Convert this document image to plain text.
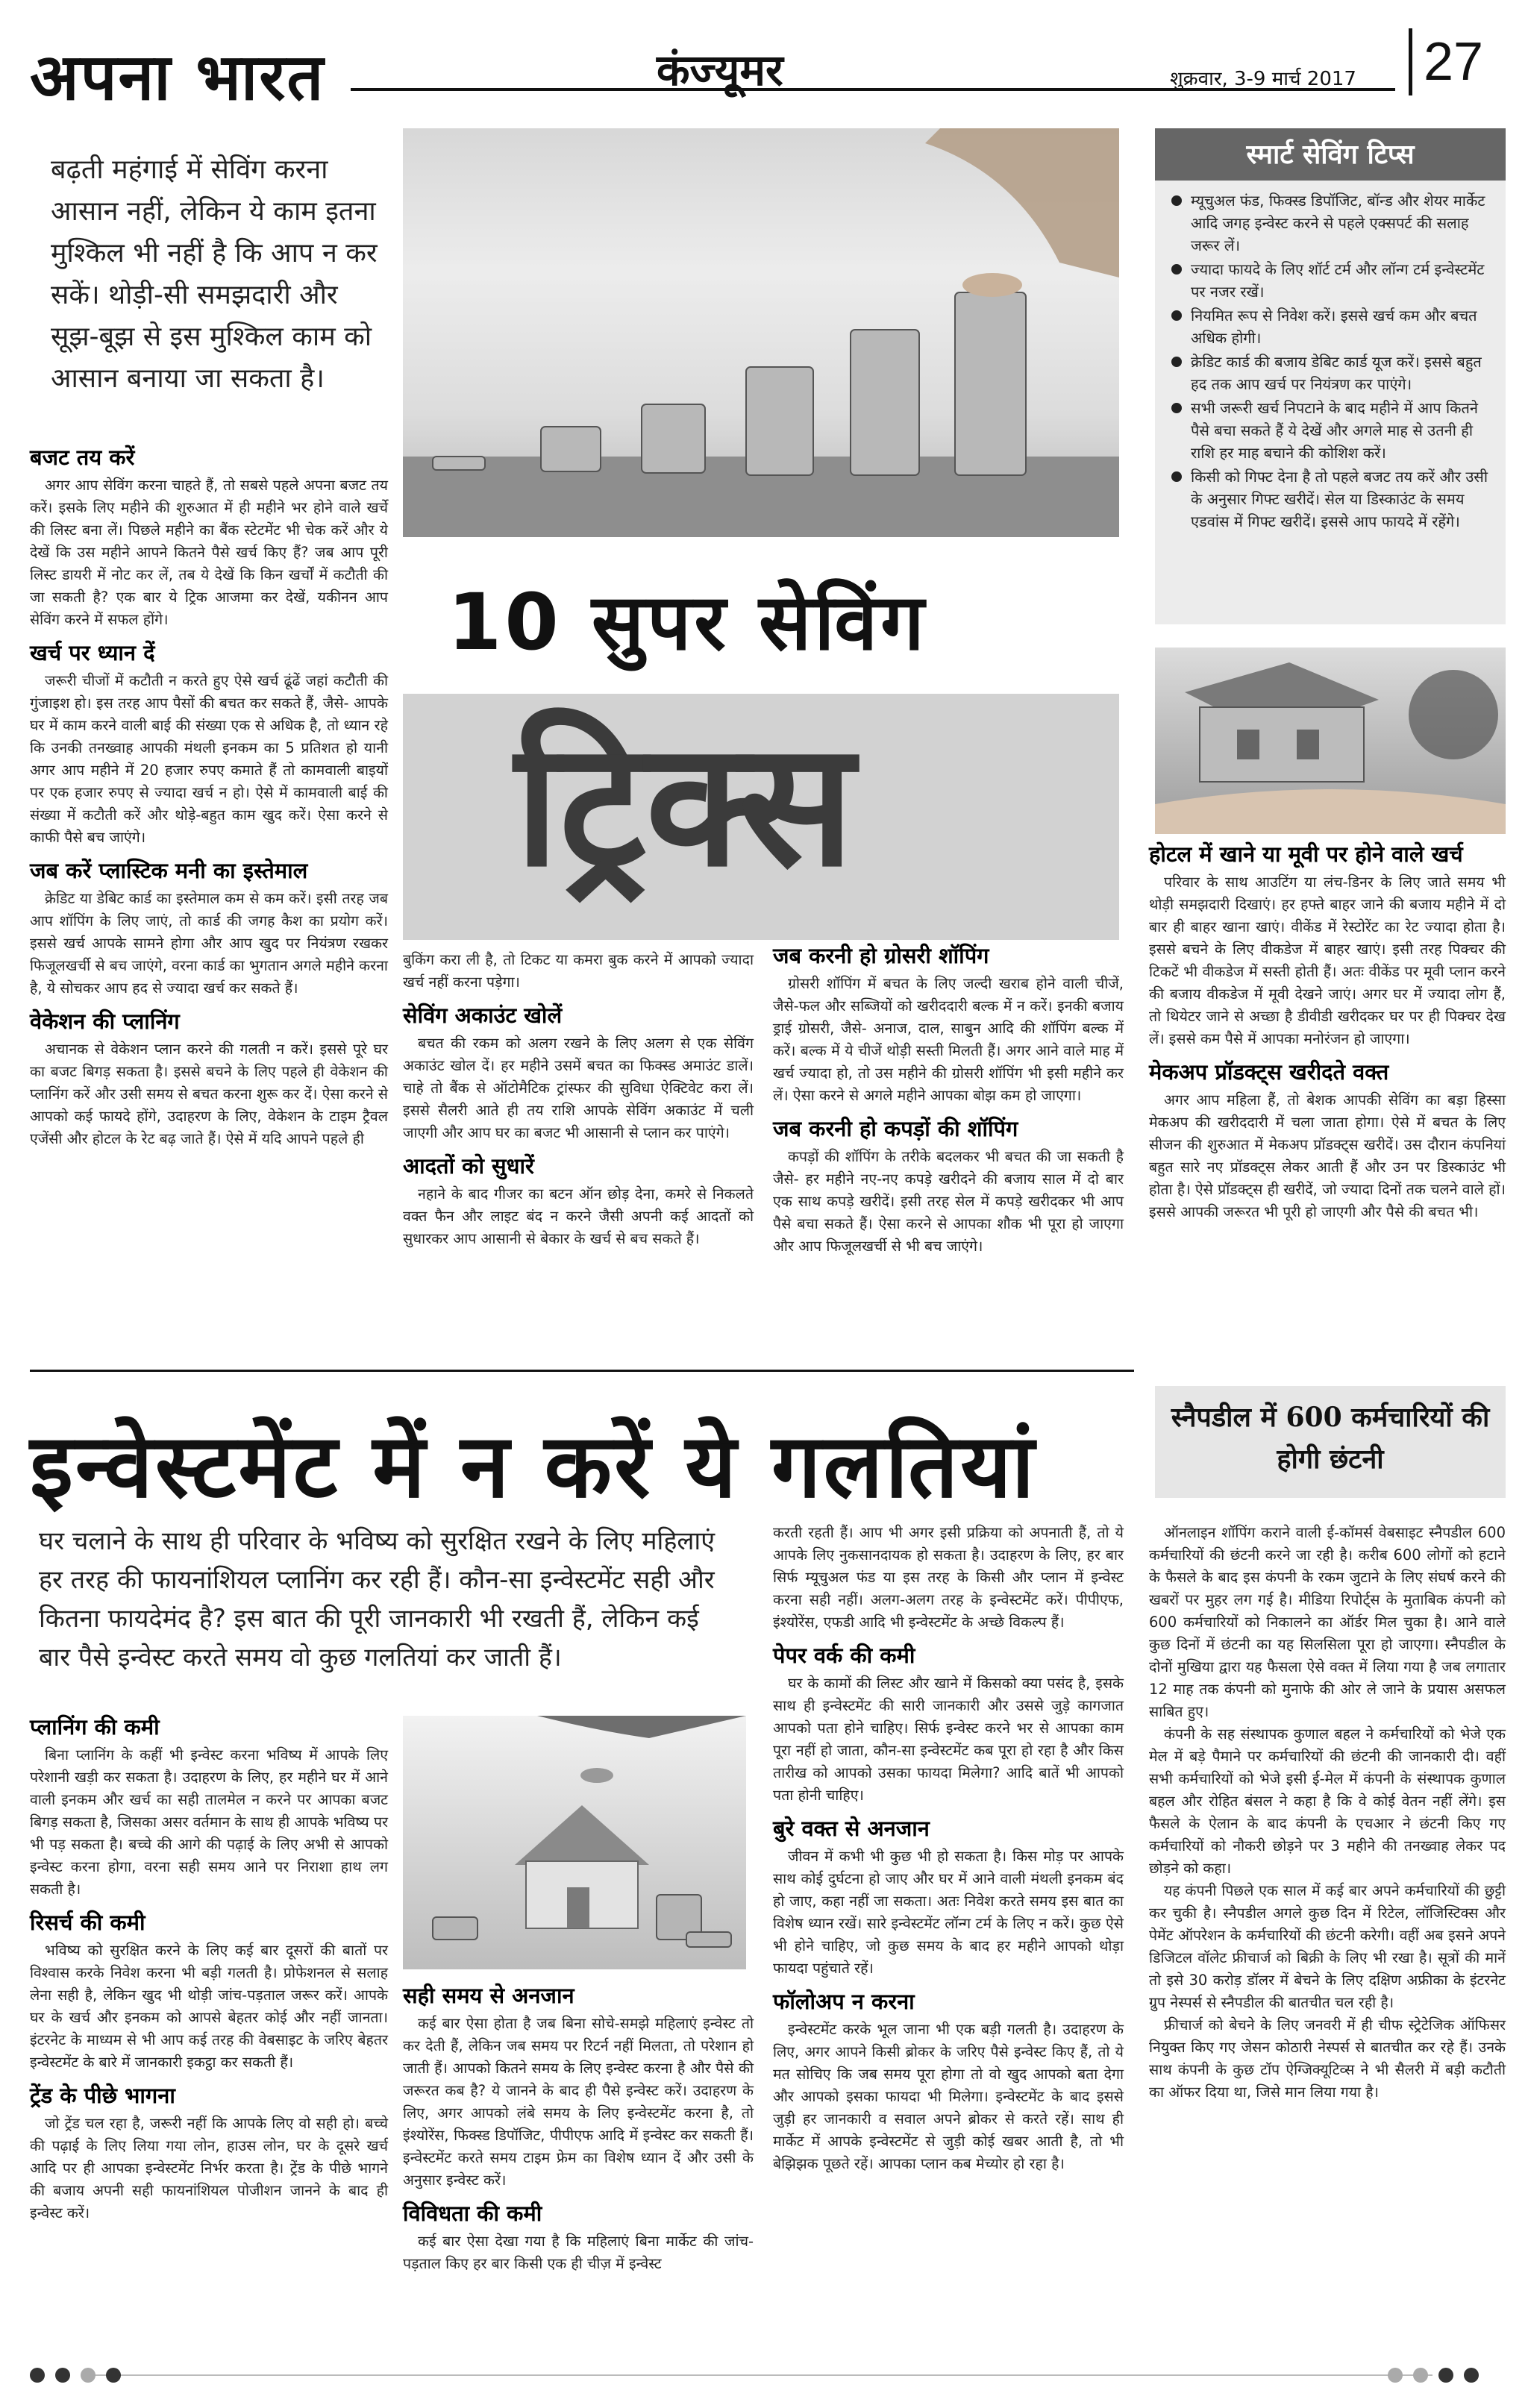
अपना भारत	कंज्यूमर	शुक्रवार, 3-9 मार्च 2017 27
बढ़ती महंगाई में सेविंग करना आसान नहीं, लेकिन ये काम इतना मुश्किल भी नहीं है कि आप न कर सकें। थोड़ी-सी समझदारी और सूझ-बूझ से इस मुश्किल काम को आसान बनाया जा सकता है।
10 सुपर सेविंग
ट्रिक्स
बजट तय करें

अगर आप सेविंग करना चाहते हैं, तो सबसे पहले अपना बजट तय करें। इसके लिए महीने की शुरुआत में ही महीने भर होने वाले खर्चे की लिस्ट बना लें। पिछले महीने का बैंक स्टेटमेंट भी चेक करें और ये देखें कि उस महीने आपने कितने पैसे खर्च किए हैं? जब आप पूरी लिस्ट डायरी में नोट कर लें, तब ये देखें कि किन खर्चों में कटौती की जा सकती है? एक बार ये ट्रिक आजमा कर देखें, यकीनन आप सेविंग करने में सफल होंगे।

खर्च पर ध्यान दें

जरूरी चीजों में कटौती न करते हुए ऐसे खर्च ढूंढें जहां कटौती की गुंजाइश हो। इस तरह आप पैसों की बचत कर सकते हैं, जैसे- आपके घर में काम करने वाली बाई की संख्या एक से अधिक है, तो ध्यान रहे कि उनकी तनख्वाह आपकी मंथली इनकम का 5 प्रतिशत हो यानी अगर आप महीने में 20 हजार रुपए कमाते हैं तो कामवाली बाइयों पर एक हजार रुपए से ज्यादा खर्च न हो। ऐसे में कामवाली बाई की संख्या में कटौती करें और थोड़े-बहुत काम खुद करें। ऐसा करने से काफी पैसे बच जाएंगे।

जब करें प्लास्टिक मनी का इस्तेमाल

क्रेडिट या डेबिट कार्ड का इस्तेमाल कम से कम करें। इसी तरह जब आप शॉपिंग के लिए जाएं, तो कार्ड की जगह कैश का प्रयोग करें। इससे खर्च आपके सामने होगा और आप खुद पर नियंत्रण रखकर फिजूलखर्ची से बच जाएंगे, वरना कार्ड का भुगतान अगले महीने करना है, ये सोचकर आप हद से ज्यादा खर्च कर सकते हैं।

वेकेशन की प्लानिंग

अचानक से वेकेशन प्लान करने की गलती न करें। इससे पूरे घर का बजट बिगड़ सकता है। इससे बचने के लिए पहले ही वेकेशन की प्लानिंग करें और उसी समय से बचत करना शुरू कर दें। ऐसा करने से आपको कई फायदे होंगे, उदाहरण के लिए, वेकेशन के टाइम ट्रैवल एजेंसी और होटल के रेट बढ़ जाते हैं। ऐसे में यदि आपने पहले ही

बुकिंग करा ली है, तो टिकट या कमरा बुक करने में आपको ज्यादा खर्च नहीं करना पड़ेगा।

सेविंग अकाउंट खोलें

बचत की रकम को अलग रखने के लिए अलग से एक सेविंग अकाउंट खोल दें। हर महीने उसमें बचत का फिक्स्ड अमाउंट डालें। चाहे तो बैंक से ऑटोमैटिक ट्रांस्फर की सुविधा ऐक्टिवेट करा लें। इससे सैलरी आते ही तय राशि आपके सेविंग अकाउंट में चली जाएगी और आप घर का बजट भी आसानी से प्लान कर पाएंगे।

आदतों को सुधारें

नहाने के बाद गीजर का बटन ऑन छोड़ देना, कमरे से निकलते वक्त फैन और लाइट बंद न करने जैसी अपनी कई आदतों को सुधारकर आप आसानी से बेकार के खर्च से बच सकते हैं।

जब करनी हो ग्रोसरी शॉपिंग

ग्रोसरी शॉपिंग में बचत के लिए जल्दी खराब होने वाली चीजें, जैसे-फल और सब्जियों को खरीददारी बल्क में न करें। इनकी बजाय ड्राई ग्रोसरी, जैसे- अनाज, दाल, साबुन आदि की शॉपिंग बल्क में करें। बल्क में ये चीजें थोड़ी सस्ती मिलती हैं। अगर आने वाले माह में खर्च ज्यादा हो, तो उस महीने की ग्रोसरी शॉपिंग भी इसी महीने कर लें। ऐसा करने से अगले महीने आपका बोझ कम हो जाएगा।

जब करनी हो कपड़ों की शॉपिंग

कपड़ों की शॉपिंग के तरीके बदलकर भी बचत की जा सकती है जैसे- हर महीने नए-नए कपड़े खरीदने की बजाय साल में दो बार एक साथ कपड़े खरीदें। इसी तरह सेल में कपड़े खरीदकर भी आप पैसे बचा सकते हैं। ऐसा करने से आपका शौक भी पूरा हो जाएगा और आप फिजूलखर्ची से भी बच जाएंगे।

स्मार्ट सेविंग टिप्स
म्यूचुअल फंड, फिक्स्ड डिपॉजिट, बॉन्ड और शेयर मार्केट आदि जगह इन्वेस्ट करने से पहले एक्सपर्ट की सलाह जरूर लें।
ज्यादा फायदे के लिए शॉर्ट टर्म और लॉन्ग टर्म इन्वेस्टमेंट पर नजर रखें।
नियमित रूप से निवेश करें। इससे खर्च कम और बचत अधिक होगी।
क्रेडिट कार्ड की बजाय डेबिट कार्ड यूज करें। इससे बहुत हद तक आप खर्च पर नियंत्रण कर पाएंगे।
सभी जरूरी खर्च निपटाने के बाद महीने में आप कितने पैसे बचा सकते हैं ये देखें और अगले माह से उतनी ही राशि हर माह बचाने की कोशिश करें।
किसी को गिफ्ट देना है तो पहले बजट तय करें और उसी के अनुसार गिफ्ट खरीदें। सेल या डिस्काउंट के समय एडवांस में गिफ्ट खरीदें। इससे आप फायदे में रहेंगे।
होटल में खाने या मूवी पर होने वाले खर्च

परिवार के साथ आउटिंग या लंच-डिनर के लिए जाते समय भी थोड़ी समझदारी दिखाएं। हर हफ्ते बाहर जाने की बजाय महीने में दो बार ही बाहर खाना खाएं। वीकेंड में रेस्टोरेंट का रेट ज्यादा होता है। इससे बचने के लिए वीकडेज में बाहर खाएं। इसी तरह पिक्चर की टिकटें भी वीकडेज में सस्ती होती हैं। अतः वीकेंड पर मूवी प्लान करने की बजाय वीकडेज में मूवी देखने जाएं। अगर घर में ज्यादा लोग हैं, तो थियेटर जाने से अच्छा है डीवीडी खरीदकर घर पर ही पिक्चर देख लें। इससे कम पैसे में आपका मनोरंजन हो जाएगा।

मेकअप प्रॉडक्ट्स खरीदते वक्त

अगर आप महिला हैं, तो बेशक आपकी सेविंग का बड़ा हिस्सा मेकअप की खरीददारी में चला जाता होगा। ऐसे में बचत के लिए सीजन की शुरुआत में मेकअप प्रॉडक्ट्स खरीदें। उस दौरान कंपनियां बहुत सारे नए प्रॉडक्ट्स लेकर आती हैं और उन पर डिस्काउंट भी होता है। ऐसे प्रॉडक्ट्स ही खरीदें, जो ज्यादा दिनों तक चलने वाले हों। इससे आपकी जरूरत भी पूरी हो जाएगी और पैसे की बचत भी।

इन्वेस्टमेंट में न करें ये गलतियां
घर चलाने के साथ ही परिवार के भविष्य को सुरक्षित रखने के लिए महिलाएं हर तरह की फायनांशियल प्लानिंग कर रही हैं। कौन-सा इन्वेस्टमेंट सही और कितना फायदेमंद है? इस बात की पूरी जानकारी भी रखती हैं, लेकिन कई बार पैसे इन्वेस्ट करते समय वो कुछ गलतियां कर जाती हैं।
प्लानिंग की कमी

बिना प्लानिंग के कहीं भी इन्वेस्ट करना भविष्य में आपके लिए परेशानी खड़ी कर सकता है। उदाहरण के लिए, हर महीने घर में आने वाली इनकम और खर्च का सही तालमेल न करने पर आपका बजट बिगड़ सकता है, जिसका असर वर्तमान के साथ ही आपके भविष्य पर भी पड़ सकता है। बच्चे की आगे की पढ़ाई के लिए अभी से आपको इन्वेस्ट करना होगा, वरना सही समय आने पर निराशा हाथ लग सकती है।

रिसर्च की कमी

भविष्य को सुरक्षित करने के लिए कई बार दूसरों की बातों पर विश्वास करके निवेश करना भी बड़ी गलती है। प्रोफेशनल से सलाह लेना सही है, लेकिन खुद भी थोड़ी जांच-पड़ताल जरूर करें। आपके घर के खर्च और इनकम को आपसे बेहतर कोई और नहीं जानता। इंटरनेट के माध्यम से भी आप कई तरह की वेबसाइट के जरिए बेहतर इन्वेस्टमेंट के बारे में जानकारी इकट्ठा कर सकती हैं।

ट्रेंड के पीछे भागना

जो ट्रेंड चल रहा है, जरूरी नहीं कि आपके लिए वो सही हो। बच्चे की पढ़ाई के लिए लिया गया लोन, हाउस लोन, घर के दूसरे खर्च आदि पर ही आपका इन्वेस्टमेंट निर्भर करता है। ट्रेंड के पीछे भागने की बजाय अपनी सही फायनांशियल पोजीशन जानने के बाद ही इन्वेस्ट करें।

सही समय से अनजान

कई बार ऐसा होता है जब बिना सोचे-समझे महिलाएं इन्वेस्ट तो कर देती हैं, लेकिन जब समय पर रिटर्न नहीं मिलता, तो परेशान हो जाती हैं। आपको कितने समय के लिए इन्वेस्ट करना है और पैसे की जरूरत कब है? ये जानने के बाद ही पैसे इन्वेस्ट करें। उदाहरण के लिए, अगर आपको लंबे समय के लिए इन्वेस्टमेंट करना है, तो इंश्योरेंस, फिक्स्ड डिपॉजिट, पीपीएफ आदि में इन्वेस्ट कर सकती हैं। इन्वेस्टमेंट करते समय टाइम फ्रेम का विशेष ध्यान दें और उसी के अनुसार इन्वेस्ट करें।

विविधता की कमी

कई बार ऐसा देखा गया है कि महिलाएं बिना मार्केट की जांच-पड़ताल किए हर बार किसी एक ही चीज़ में इन्वेस्ट

करती रहती हैं। आप भी अगर इसी प्रक्रिया को अपनाती हैं, तो ये आपके लिए नुकसानदायक हो सकता है। उदाहरण के लिए, हर बार सिर्फ म्यूचुअल फंड या इस तरह के किसी और प्लान में इन्वेस्ट करना सही नहीं। अलग-अलग तरह के इन्वेस्टमेंट करें। पीपीएफ, इंश्योरेंस, एफडी आदि भी इन्वेस्टमेंट के अच्छे विकल्प हैं।

पेपर वर्क की कमी

घर के कामों की लिस्ट और खाने में किसको क्या पसंद है, इसके साथ ही इन्वेस्टमेंट की सारी जानकारी और उससे जुड़े कागजात आपको पता होने चाहिए। सिर्फ इन्वेस्ट करने भर से आपका काम पूरा नहीं हो जाता, कौन-सा इन्वेस्टमेंट कब पूरा हो रहा है और किस तारीख को आपको उसका फायदा मिलेगा? आदि बातें भी आपको पता होनी चाहिए।

बुरे वक्त से अनजान

जीवन में कभी भी कुछ भी हो सकता है। किस मोड़ पर आपके साथ कोई दुर्घटना हो जाए और घर में आने वाली मंथली इनकम बंद हो जाए, कहा नहीं जा सकता। अतः निवेश करते समय इस बात का विशेष ध्यान रखें। सारे इन्वेस्टमेंट लॉन्ग टर्म के लिए न करें। कुछ ऐसे भी होने चाहिए, जो कुछ समय के बाद हर महीने आपको थोड़ा फायदा पहुंचाते रहें।

फॉलोअप न करना

इन्वेस्टमेंट करके भूल जाना भी एक बड़ी गलती है। उदाहरण के लिए, अगर आपने किसी ब्रोकर के जरिए पैसे इन्वेस्ट किए हैं, तो ये मत सोचिए कि जब समय पूरा होगा तो वो खुद आपको बता देगा और आपको इसका फायदा भी मिलेगा। इन्वेस्टमेंट के बाद इससे जुड़ी हर जानकारी व सवाल अपने ब्रोकर से करते रहें। साथ ही मार्केट में आपके इन्वेस्टमेंट से जुड़ी कोई खबर आती है, तो भी बेझिझक पूछते रहें। आपका प्लान कब मेच्योर हो रहा है।

स्नैपडील में 600 कर्मचारियों की होगी छंटनी

ऑनलाइन शॉपिंग कराने वाली ई-कॉमर्स वेबसाइट स्नैपडील 600 कर्मचारियों की छंटनी करने जा रही है। करीब 600 लोगों को हटाने के फैसले के बाद इस कंपनी के रकम जुटाने के लिए संघर्ष करने की खबरों पर मुहर लग गई है। मीडिया रिपोर्ट्स के मुताबिक कंपनी को 600 कर्मचारियों को निकालने का ऑर्डर मिल चुका है। आने वाले कुछ दिनों में छंटनी का यह सिलसिला पूरा हो जाएगा। स्नैपडील के दोनों मुखिया द्वारा यह फैसला ऐसे वक्त में लिया गया है जब लगातार 12 माह तक कंपनी को मुनाफे की ओर ले जाने के प्रयास असफल साबित हुए।

कंपनी के सह संस्थापक कुणाल बहल ने कर्मचारियों को भेजे एक मेल में बड़े पैमाने पर कर्मचारियों की छंटनी की जानकारी दी। वहीं सभी कर्मचारियों को भेजे इसी ई-मेल में कंपनी के संस्थापक कुणाल बहल और रोहित बंसल ने कहा है कि वे कोई वेतन नहीं लेंगे। इस फैसले के ऐलान के बाद कंपनी के एचआर ने छंटनी किए गए कर्मचारियों को नौकरी छोड़ने पर 3 महीने की तनख्वाह लेकर पद छोड़ने को कहा।

यह कंपनी पिछले एक साल में कई बार अपने कर्मचारियों की छुट्टी कर चुकी है। स्नैपडील अगले कुछ दिन में रिटेल, लॉजिस्टिक्स और पेमेंट ऑपरेशन के कर्मचारियों की छंटनी करेगी। वहीं अब इसने अपने डिजिटल वॉलेट फ्रीचार्ज को बिक्री के लिए भी रखा है। सूत्रों की मानें तो इसे 30 करोड़ डॉलर में बेचने के लिए दक्षिण अफ्रीका के इंटरनेट ग्रुप नेस्पर्स से स्नैपडील की बातचीत चल रही है।

फ्रीचार्ज को बेचने के लिए जनवरी में ही चीफ स्ट्रेटेजिक ऑफिसर नियुक्त किए गए जेसन कोठारी नेस्पर्स से बातचीत कर रहे हैं। उनके साथ कंपनी के कुछ टॉप ऐग्जिक्यूटिव्स ने भी सैलरी में बड़ी कटौती का ऑफर दिया था, जिसे मान लिया गया है।
